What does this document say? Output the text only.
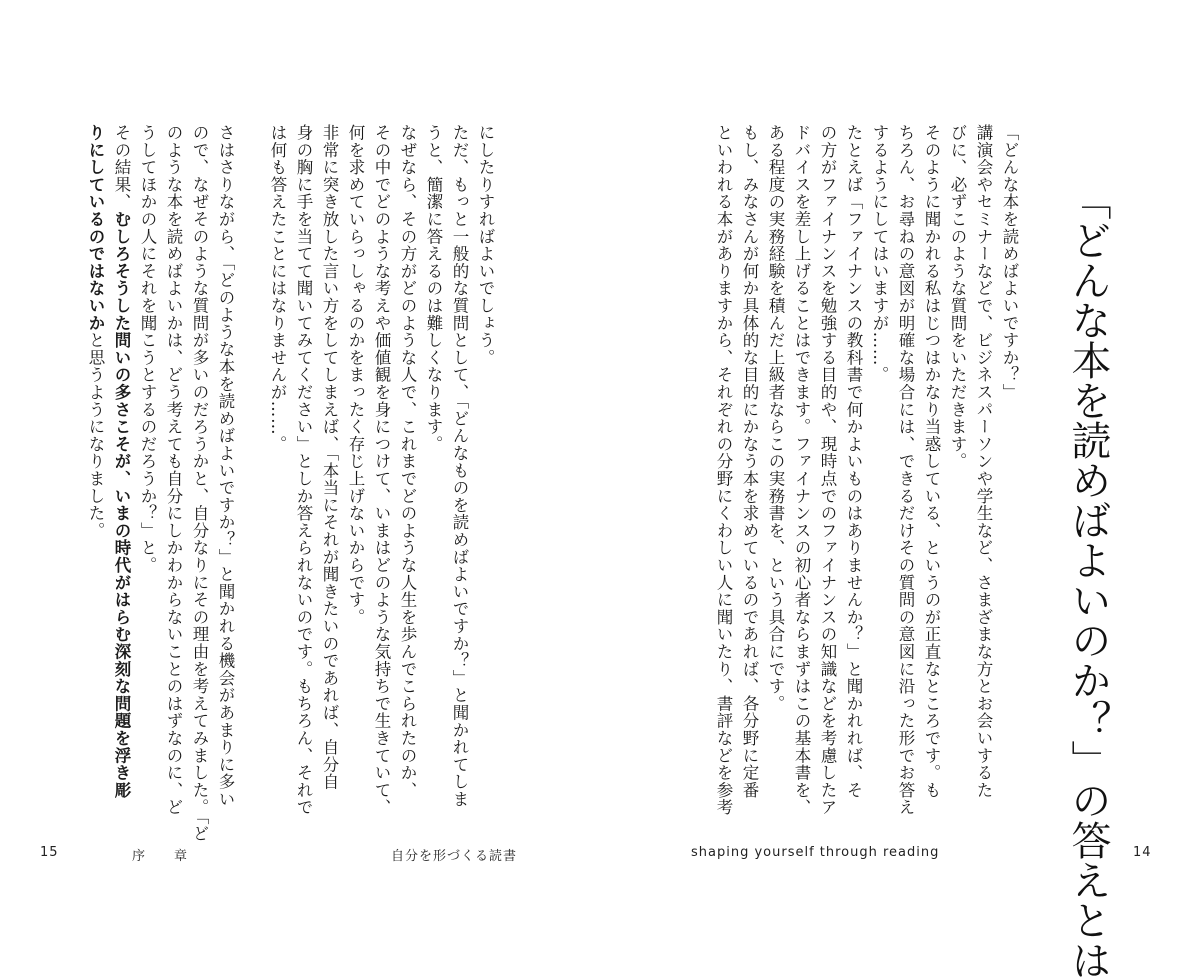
「どんな本を読めばよいのか？」の答えとは

「どんな本を読めばよいですか？」

講演会やセミナーなどで、ビジネスパーソンや学生など、さまざまな方とお会いするた

びに、必ずこのような質問をいただきます。

そのように聞かれる私はじつはかなり当惑している、というのが正直なところです。も

ちろん、お尋ねの意図が明確な場合には、できるだけその質問の意図に沿った形でお答え

するようにしてはいますが……。

たとえば「ファイナンスの教科書で何かよいものはありませんか？」と聞かれれば、そ

の方がファイナンスを勉強する目的や、現時点でのファイナンスの知識などを考慮したア

ドバイスを差し上げることはできます。ファイナンスの初心者ならまずはこの基本書を、

ある程度の実務経験を積んだ上級者ならこの実務書を、という具合にです。

もし、みなさんが何か具体的な目的にかなう本を求めているのであれば、各分野に定番

といわれる本がありますから、それぞれの分野にくわしい人に聞いたり、書評などを参考

にしたりすればよいでしょう。

ただ、もっと一般的な質問として、「どんなものを読めばよいですか？」と聞かれてしま

うと、簡潔に答えるのは難しくなります。

なぜなら、その方がどのような人で、これまでどのような人生を歩んでこられたのか、

その中でどのような考えや価値観を身につけて、いまはどのような気持ちで生きていて、

何を求めていらっしゃるのかをまったく存じ上げないからです。

非常に突き放した言い方をしてしまえば、「本当にそれが聞きたいのであれば、自分自

身の胸に手を当てて聞いてみてください」としか答えられないのです。もちろん、それで

は何も答えたことにはなりませんが……。

さはさりながら、「どのような本を読めばよいですか？」と聞かれる機会があまりに多い

ので、なぜそのような質問が多いのだろうかと、自分なりにその理由を考えてみました。「ど

のような本を読めばよいかは、どう考えても自分にしかわからないことのはずなのに、ど

うしてほかの人にそれを聞こうとするのだろうか？」と。

その結果、むしろそうした問いの多さこそが、いまの時代がはらむ深刻な問題を浮き彫

りにしているのではないかと思うようになりました。

15	序　　章	自分を形づくる読書	shaping yourself through reading	14
